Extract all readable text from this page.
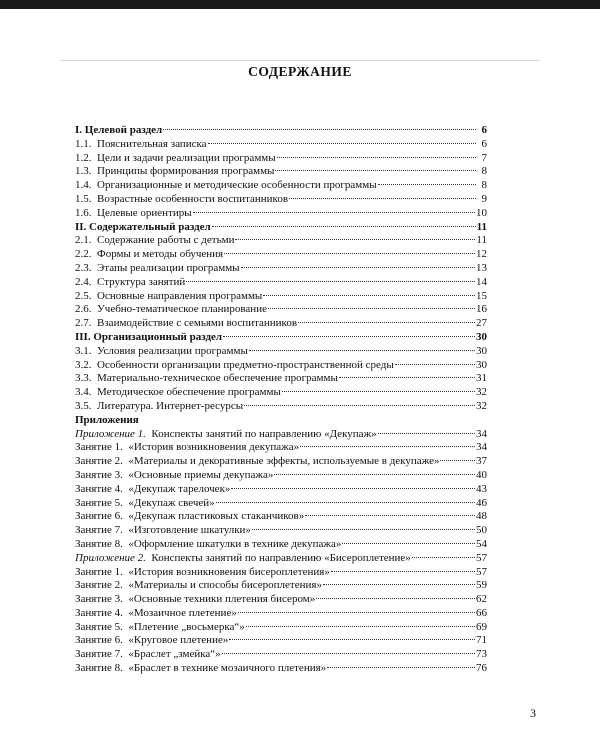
СОДЕРЖАНИЕ
I. Целевой раздел	6
1.1.  Пояснительная записка	6
1.2.  Цели и задачи реализации программы	7
1.3.  Принципы формирования программы	8
1.4.  Организационные и методические особенности программы	8
1.5.  Возрастные особенности воспитанников	9
1.6.  Целевые ориентиры	10
II. Содержательный раздел	11
2.1.  Содержание работы с детьми	11
2.2.  Формы и методы обучения	12
2.3.  Этапы реализации программы	13
2.4.  Структура занятий	14
2.5.  Основные направления программы	15
2.6.  Учебно-тематическое планирование	16
2.7.  Взаимодействие с семьями воспитанников	27
III. Организационный раздел	30
3.1.  Условия реализации программы	30
3.2.  Особенности организации предметно-пространственной среды	30
3.3.  Материально-техническое обеспечение программы	31
3.4.  Методическое обеспечение программы	32
3.5.  Литература. Интернет-ресурсы	32
Приложения
Приложение 1.  Конспекты занятий по направлению «Декупаж»	34
Занятие 1.  «История возникновения декупажа»	34
Занятие 2.  «Материалы и декоративные эффекты, используемые в декупаже»	37
Занятие 3.  «Основные приемы декупажа»	40
Занятие 4.  «Декупаж тарелочек»	43
Занятие 5.  «Декупаж свечей»	46
Занятие 6.  «Декупаж пластиковых стаканчиков»	48
Занятие 7.  «Изготовление шкатулки»	50
Занятие 8.  «Оформление шкатулки в технике декупажа»	54
Приложение 2.  Конспекты занятий по направлению «Бисероплетение»	57
Занятие 1.  «История возникновения бисероплетения»	57
Занятие 2.  «Материалы и способы бисероплетения»	59
Занятие 3.  «Основные техники плетения бисером»	62
Занятие 4.  «Мозаичное плетение»	66
Занятие 5.  «Плетение „восьмерка“»	69
Занятие 6.  «Круговое плетение»	71
Занятие 7.  «Браслет „змейка“»	73
Занятие 8.  «Браслет в технике мозаичного плетения»	76
3
